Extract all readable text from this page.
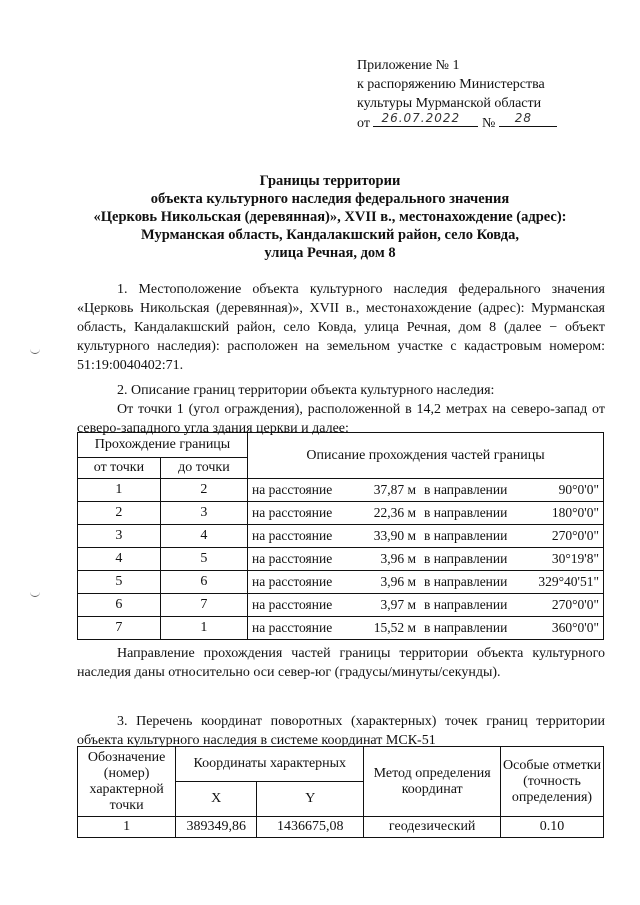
Приложение № 1
к распоряжению Министерства
культуры Мурманской области
от 26.07.2022 № 28
Границы территории
объекта культурного наследия федерального значения
«Церковь Никольская (деревянная)», XVII в., местонахождение (адрес):
Мурманская область, Кандалакшский район, село Ковда,
улица Речная, дом 8
1. Местоположение объекта культурного наследия федерального значения «Церковь Никольская (деревянная)», XVII в., местонахождение (адрес): Мурманская область, Кандалакшский район, село Ковда, улица Речная, дом 8 (далее − объект культурного наследия): расположен на земельном участке с кадастровым номером: 51:19:0040402:71.
2. Описание границ территории объекта культурного наследия:
От точки 1 (угол ограждения), расположенной в 14,2 метрах на северо-запад от северо-западного угла здания церкви и далее:
Прохождение границы		Описание прохождения частей границы
от точки	до точки	
1	2	на расстояние 37,87 м в направлении 90°0'0"

2	3	на расстояние 22,36 м в направлении 180°0'0"

3	4	на расстояние 33,90 м в направлении 270°0'0"

4	5	на расстояние 3,96 м в направлении 30°19'8"

5	6	на расстояние 3,96 м в направлении 329°40'51"

6	7	на расстояние 3,97 м в направлении 270°0'0"

7	1	на расстояние 15,52 м в направлении 360°0'0"
Направление прохождения частей границы территории объекта культурного наследия даны относительно оси север-юг (градусы/минуты/секунды).
3. Перечень координат поворотных (характерных) точек границ территории объекта культурного наследия в системе координат МСК-51
Обозначение (номер) характерной точки	Координаты характерных		Метод определения координат	Особые отметки (точность определения)
	X	Y		
1	389349,86	1436675,08	геодезический	0.10
